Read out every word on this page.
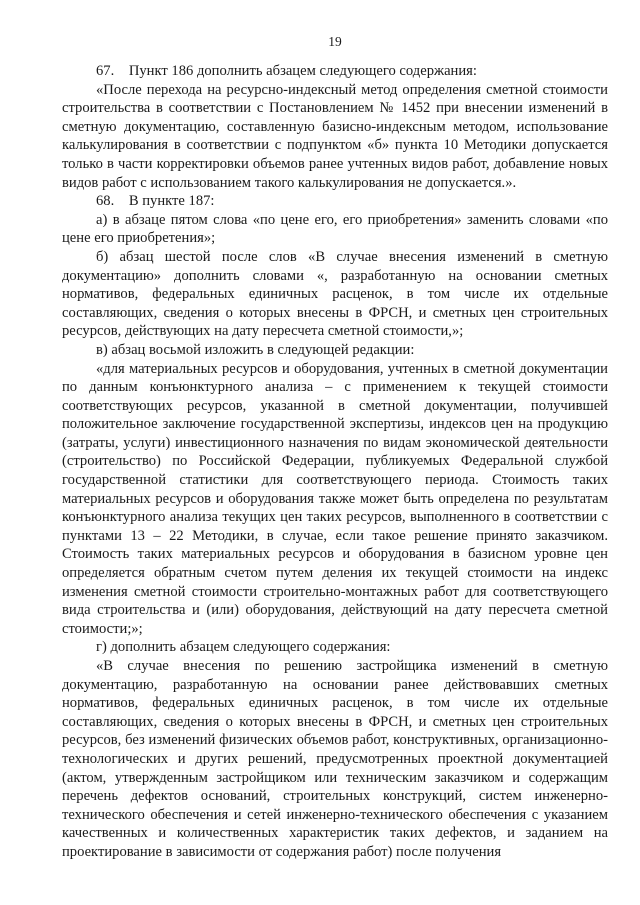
19

67. Пункт 186 дополнить абзацем следующего содержания:

«После перехода на ресурсно-индексный метод определения сметной стоимости строительства в соответствии с Постановлением № 1452 при внесении изменений в сметную документацию, составленную базисно-индексным методом, использование калькулирования в соответствии с подпунктом «б» пункта 10 Методики допускается только в части корректировки объемов ранее учтенных видов работ, добавление новых видов работ с использованием такого калькулирования не допускается.».

68. В пункте 187:

а) в абзаце пятом слова «по цене его, его приобретения» заменить словами «по цене его приобретения»;

б) абзац шестой после слов «В случае внесения изменений в сметную документацию» дополнить словами «, разработанную на основании сметных нормативов, федеральных единичных расценок, в том числе их отдельные составляющих, сведения о которых внесены в ФРСН, и сметных цен строительных ресурсов, действующих на дату пересчета сметной стоимости,»;

в) абзац восьмой изложить в следующей редакции:

«для материальных ресурсов и оборудования, учтенных в сметной документации по данным конъюнктурного анализа – с применением к текущей стоимости соответствующих ресурсов, указанной в сметной документации, получившей положительное заключение государственной экспертизы, индексов цен на продукцию (затраты, услуги) инвестиционного назначения по видам экономической деятельности (строительство) по Российской Федерации, публикуемых Федеральной службой государственной статистики для соответствующего периода. Стоимость таких материальных ресурсов и оборудования также может быть определена по результатам конъюнктурного анализа текущих цен таких ресурсов, выполненного в соответствии с пунктами 13 – 22 Методики, в случае, если такое решение принято заказчиком. Стоимость таких материальных ресурсов и оборудования в базисном уровне цен определяется обратным счетом путем деления их текущей стоимости на индекс изменения сметной стоимости строительно-монтажных работ для соответствующего вида строительства и (или) оборудования, действующий на дату пересчета сметной стоимости;»;

г) дополнить абзацем следующего содержания:

«В случае внесения по решению застройщика изменений в сметную документацию, разработанную на основании ранее действовавших сметных нормативов, федеральных единичных расценок, в том числе их отдельные составляющих, сведения о которых внесены в ФРСН, и сметных цен строительных ресурсов, без изменений физических объемов работ, конструктивных, организационно-технологических и других решений, предусмотренных проектной документацией (актом, утвержденным застройщиком или техническим заказчиком и содержащим перечень дефектов оснований, строительных конструкций, систем инженерно-технического обеспечения и сетей инженерно-технического обеспечения с указанием качественных и количественных характеристик таких дефектов, и заданием на проектирование в зависимости от содержания работ) после получения
